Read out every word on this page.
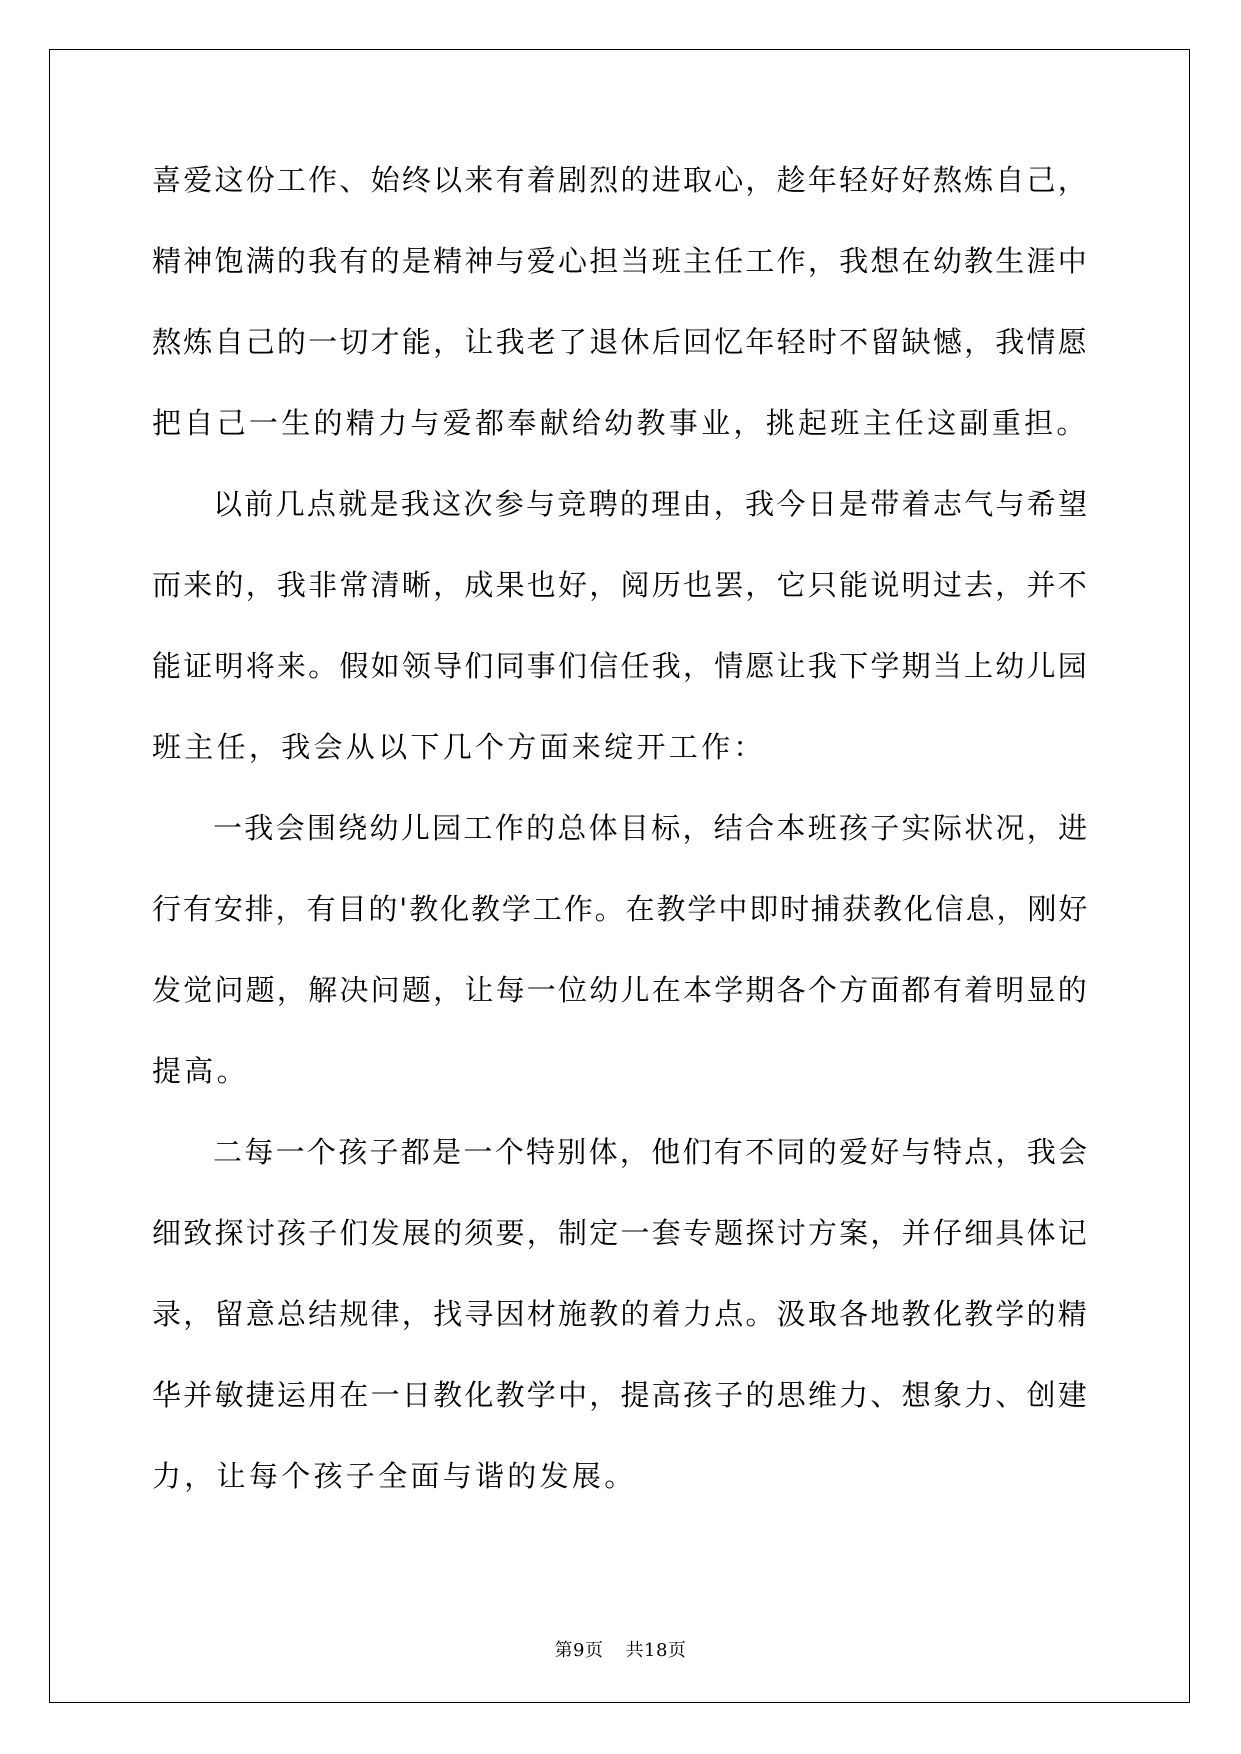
喜爱这份工作、始终以来有着剧烈的进取心，趁年轻好好熬炼自己，
精神饱满的我有的是精神与爱心担当班主任工作，我想在幼教生涯中
熬炼自己的一切才能，让我老了退休后回忆年轻时不留缺憾，我情愿
把自己一生的精力与爱都奉献给幼教事业，挑起班主任这副重担。
以前几点就是我这次参与竞聘的理由，我今日是带着志气与希望
而来的，我非常清晰，成果也好，阅历也罢，它只能说明过去，并不
能证明将来。假如领导们同事们信任我，情愿让我下学期当上幼儿园
班主任，我会从以下几个方面来绽开工作：
一我会围绕幼儿园工作的总体目标，结合本班孩子实际状况，进
行有安排，有目的'教化教学工作。在教学中即时捕获教化信息，刚好
发觉问题，解决问题，让每一位幼儿在本学期各个方面都有着明显的
提高。
二每一个孩子都是一个特别体，他们有不同的爱好与特点，我会
细致探讨孩子们发展的须要，制定一套专题探讨方案，并仔细具体记
录，留意总结规律，找寻因材施教的着力点。汲取各地教化教学的精
华并敏捷运用在一日教化教学中，提高孩子的思维力、想象力、创建
力，让每个孩子全面与谐的发展。
第9页 共18页
